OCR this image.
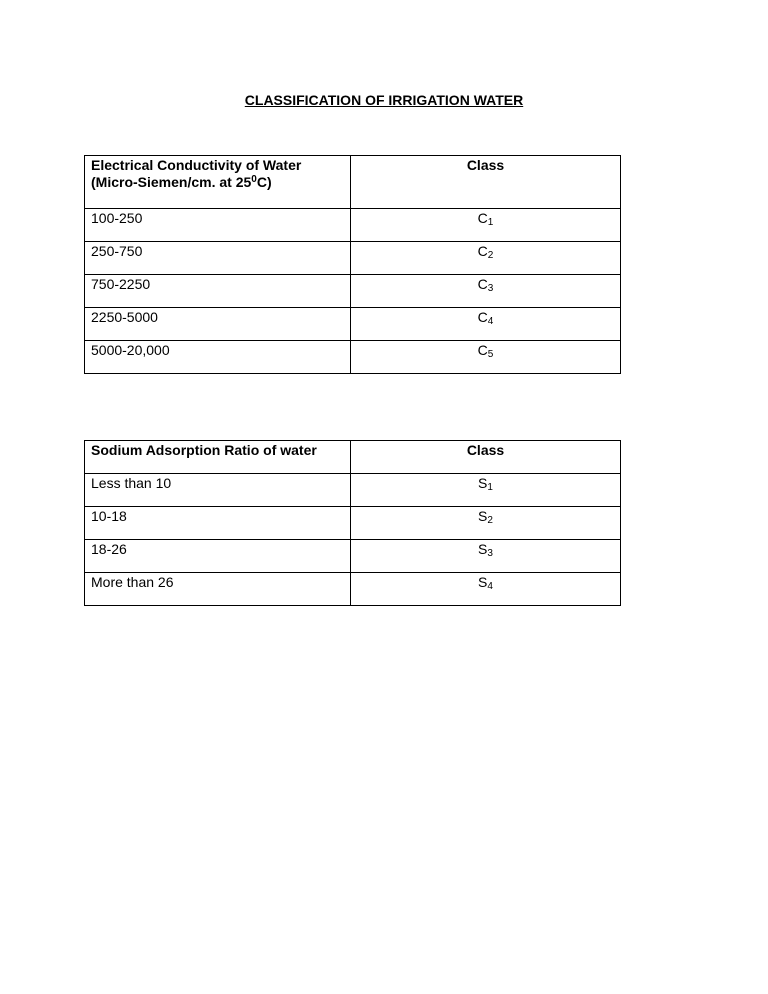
CLASSIFICATION OF IRRIGATION WATER
Electrical Conductivity of Water
(Micro-Siemen/cm. at $25^0C$)	Class

100-250	$C_1$

250-750	$C_2$

750-2250	$C_3$

2250-5000	$C_4$

5000-20,000	$C_5$
Sodium Adsorption Ratio of water	Class

Less than 10	$S_1$

10-18	$S_2$

18-26	$S_3$

More than 26	$S_4$
